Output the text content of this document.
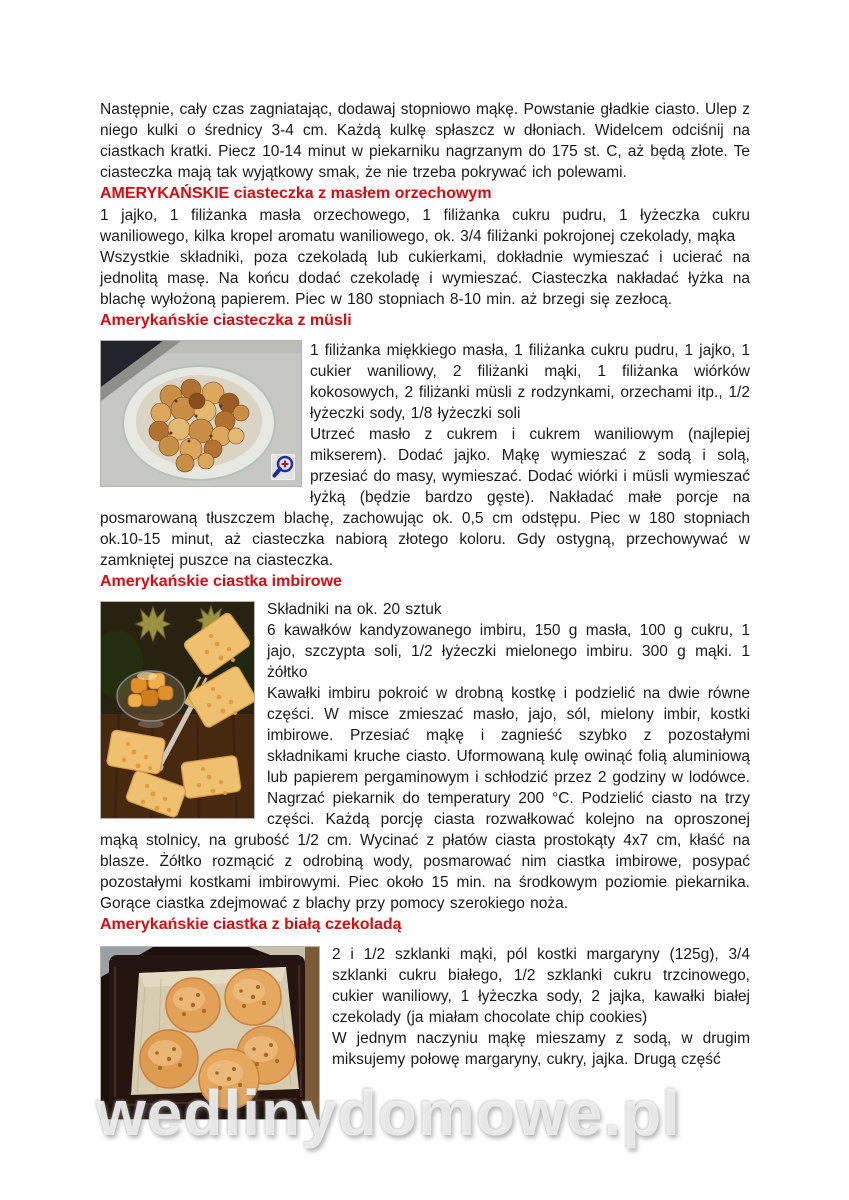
Następnie, cały czas zagniatając, dodawaj stopniowo mąkę. Powstanie gładkie ciasto. Ulep z niego kulki o średnicy 3-4 cm. Każdą kulkę spłaszcz w dłoniach. Widelcem odciśnij na ciastkach kratki. Piecz 10-14 minut w piekarniku nagrzanym do 175 st. C, aż będą złote. Te ciasteczka mają tak wyjątkowy smak, że nie trzeba pokrywać ich polewami.

AMERYKAŃSKIE ciasteczka z masłem orzechowym

1 jajko, 1 filiżanka masła orzechowego, 1 filiżanka cukru pudru, 1 łyżeczka cukru waniliowego, kilka kropel aromatu waniliowego, ok. 3/4 filiżanki pokrojonej czekolady, mąka

Wszystkie składniki, poza czekoladą lub cukierkami, dokładnie wymieszać i ucierać na jednolitą masę. Na końcu dodać czekoladę i wymieszać. Ciasteczka nakładać łyżka na blachę wyłożoną papierem. Piec w 180 stopniach 8-10 min. aż brzegi się zezłocą.

Amerykańskie ciasteczka z müsli

1 filiżanka miękkiego masła, 1 filiżanka cukru pudru, 1 jajko, 1 cukier waniliowy, 2 filiżanki mąki, 1 filiżanka wiórków kokosowych, 2 filiżanki müsli z rodzynkami, orzechami itp., 1/2 łyżeczki sody, 1/8 łyżeczki soli

Utrzeć masło z cukrem i cukrem waniliowym (najlepiej mikserem). Dodać jajko. Mąkę wymieszać z sodą i solą, przesiać do masy, wymieszać. Dodać wiórki i müsli wymieszać łyżką (będzie bardzo gęste). Nakładać małe porcje na posmarowaną tłuszczem blachę, zachowując ok. 0,5 cm odstępu. Piec w 180 stopniach ok.10-15 minut, aż ciasteczka nabiorą złotego koloru. Gdy ostygną, przechowywać w zamkniętej puszce na ciasteczka.

Amerykańskie ciastka imbirowe

Składniki na ok. 20 sztuk

6 kawałków kandyzowanego imbiru, 150 g masła, 100 g cukru, 1 jajo, szczypta soli, 1/2 łyżeczki mielonego imbiru. 300 g mąki. 1 żółtko

Kawałki imbiru pokroić w drobną kostkę i podzielić na dwie równe części. W misce zmieszać masło, jajo, sól, mielony imbir, kostki imbirowe. Przesiać mąkę i zagnieść szybko z pozostałymi składnikami kruche ciasto. Uformowaną kulę owinąć folią aluminiową lub papierem pergaminowym i schłodzić przez 2 godziny w lodówce. Nagrzać piekarnik do temperatury 200 °C. Podzielić ciasto na trzy części. Każdą porcję ciasta rozwałkować kolejno na oproszonej mąką stolnicy, na grubość 1/2 cm. Wycinać z płatów ciasta prostokąty 4x7 cm, kłaść na blasze. Żółtko rozmącić z odrobiną wody, posmarować nim ciastka imbirowe, posypać pozostałymi kostkami imbirowymi. Piec około 15 min. na środkowym poziomie piekarnika. Gorące ciastka zdejmować z blachy przy pomocy szerokiego noża.

Amerykańskie ciastka z białą czekoladą

2 i 1/2 szklanki mąki, pól kostki margaryny (125g), 3/4 szklanki cukru białego, 1/2 szklanki cukru trzcinowego, cukier waniliowy, 1 łyżeczka sody, 2 jajka, kawałki białej czekolady (ja miałam chocolate chip cookies)

W jednym naczyniu mąkę mieszamy z sodą, w drugim miksujemy połowę margaryny, cukry, jajka. Drugą część

wedlinydomowe.pl
